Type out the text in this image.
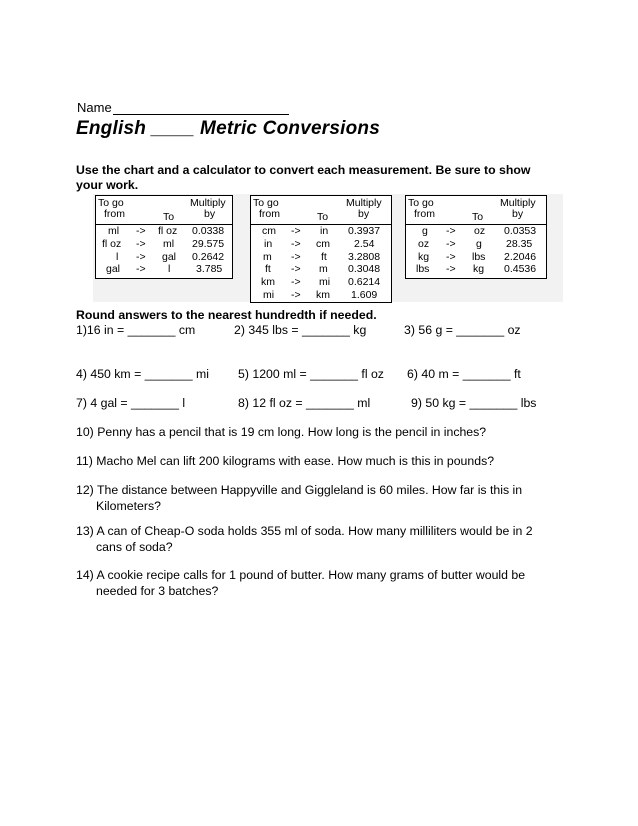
Name
English ____ Metric Conversions
Use the chart and a calculator to convert each measurement. Be sure to show your work.
To go
from	To
Multiply
by
ml -> fl oz 0.0338
fl oz -> ml 29.575
l -> gal 0.2642
gal -> l 3.785
To go
from	To
Multiply
by
cm -> in 0.3937
in -> cm 2.54
m -> ft 3.2808
ft -> m 0.3048
km -> mi 0.6214
mi -> km 1.609
To go
from	To
Multiply
by
g -> oz 0.0353
oz -> g 28.35
kg -> lbs 2.2046
lbs -> kg 0.4536
Round answers to the nearest hundredth if needed.
1)16 in = _______ cm	2) 345 lbs = _______ kg	3) 56 g = _______ oz
4) 450 km = _______ mi 5) 1200 ml = _______ fl oz 6) 40 m = _______ ft
7) 4 gal = _______ l	8) 12 fl oz = _______ ml	9) 50 kg = _______ lbs
10) Penny has a pencil that is 19 cm long. How long is the pencil in inches?
11) Macho Mel can lift 200 kilograms with ease. How much is this in pounds?
12) The distance between Happyville and Giggleland is 60 miles. How far is this in
Kilometers?
13) A can of Cheap-O soda holds 355 ml of soda. How many milliliters would be in 2
cans of soda?
14) A cookie recipe calls for 1 pound of butter. How many grams of butter would be
needed for 3 batches?
